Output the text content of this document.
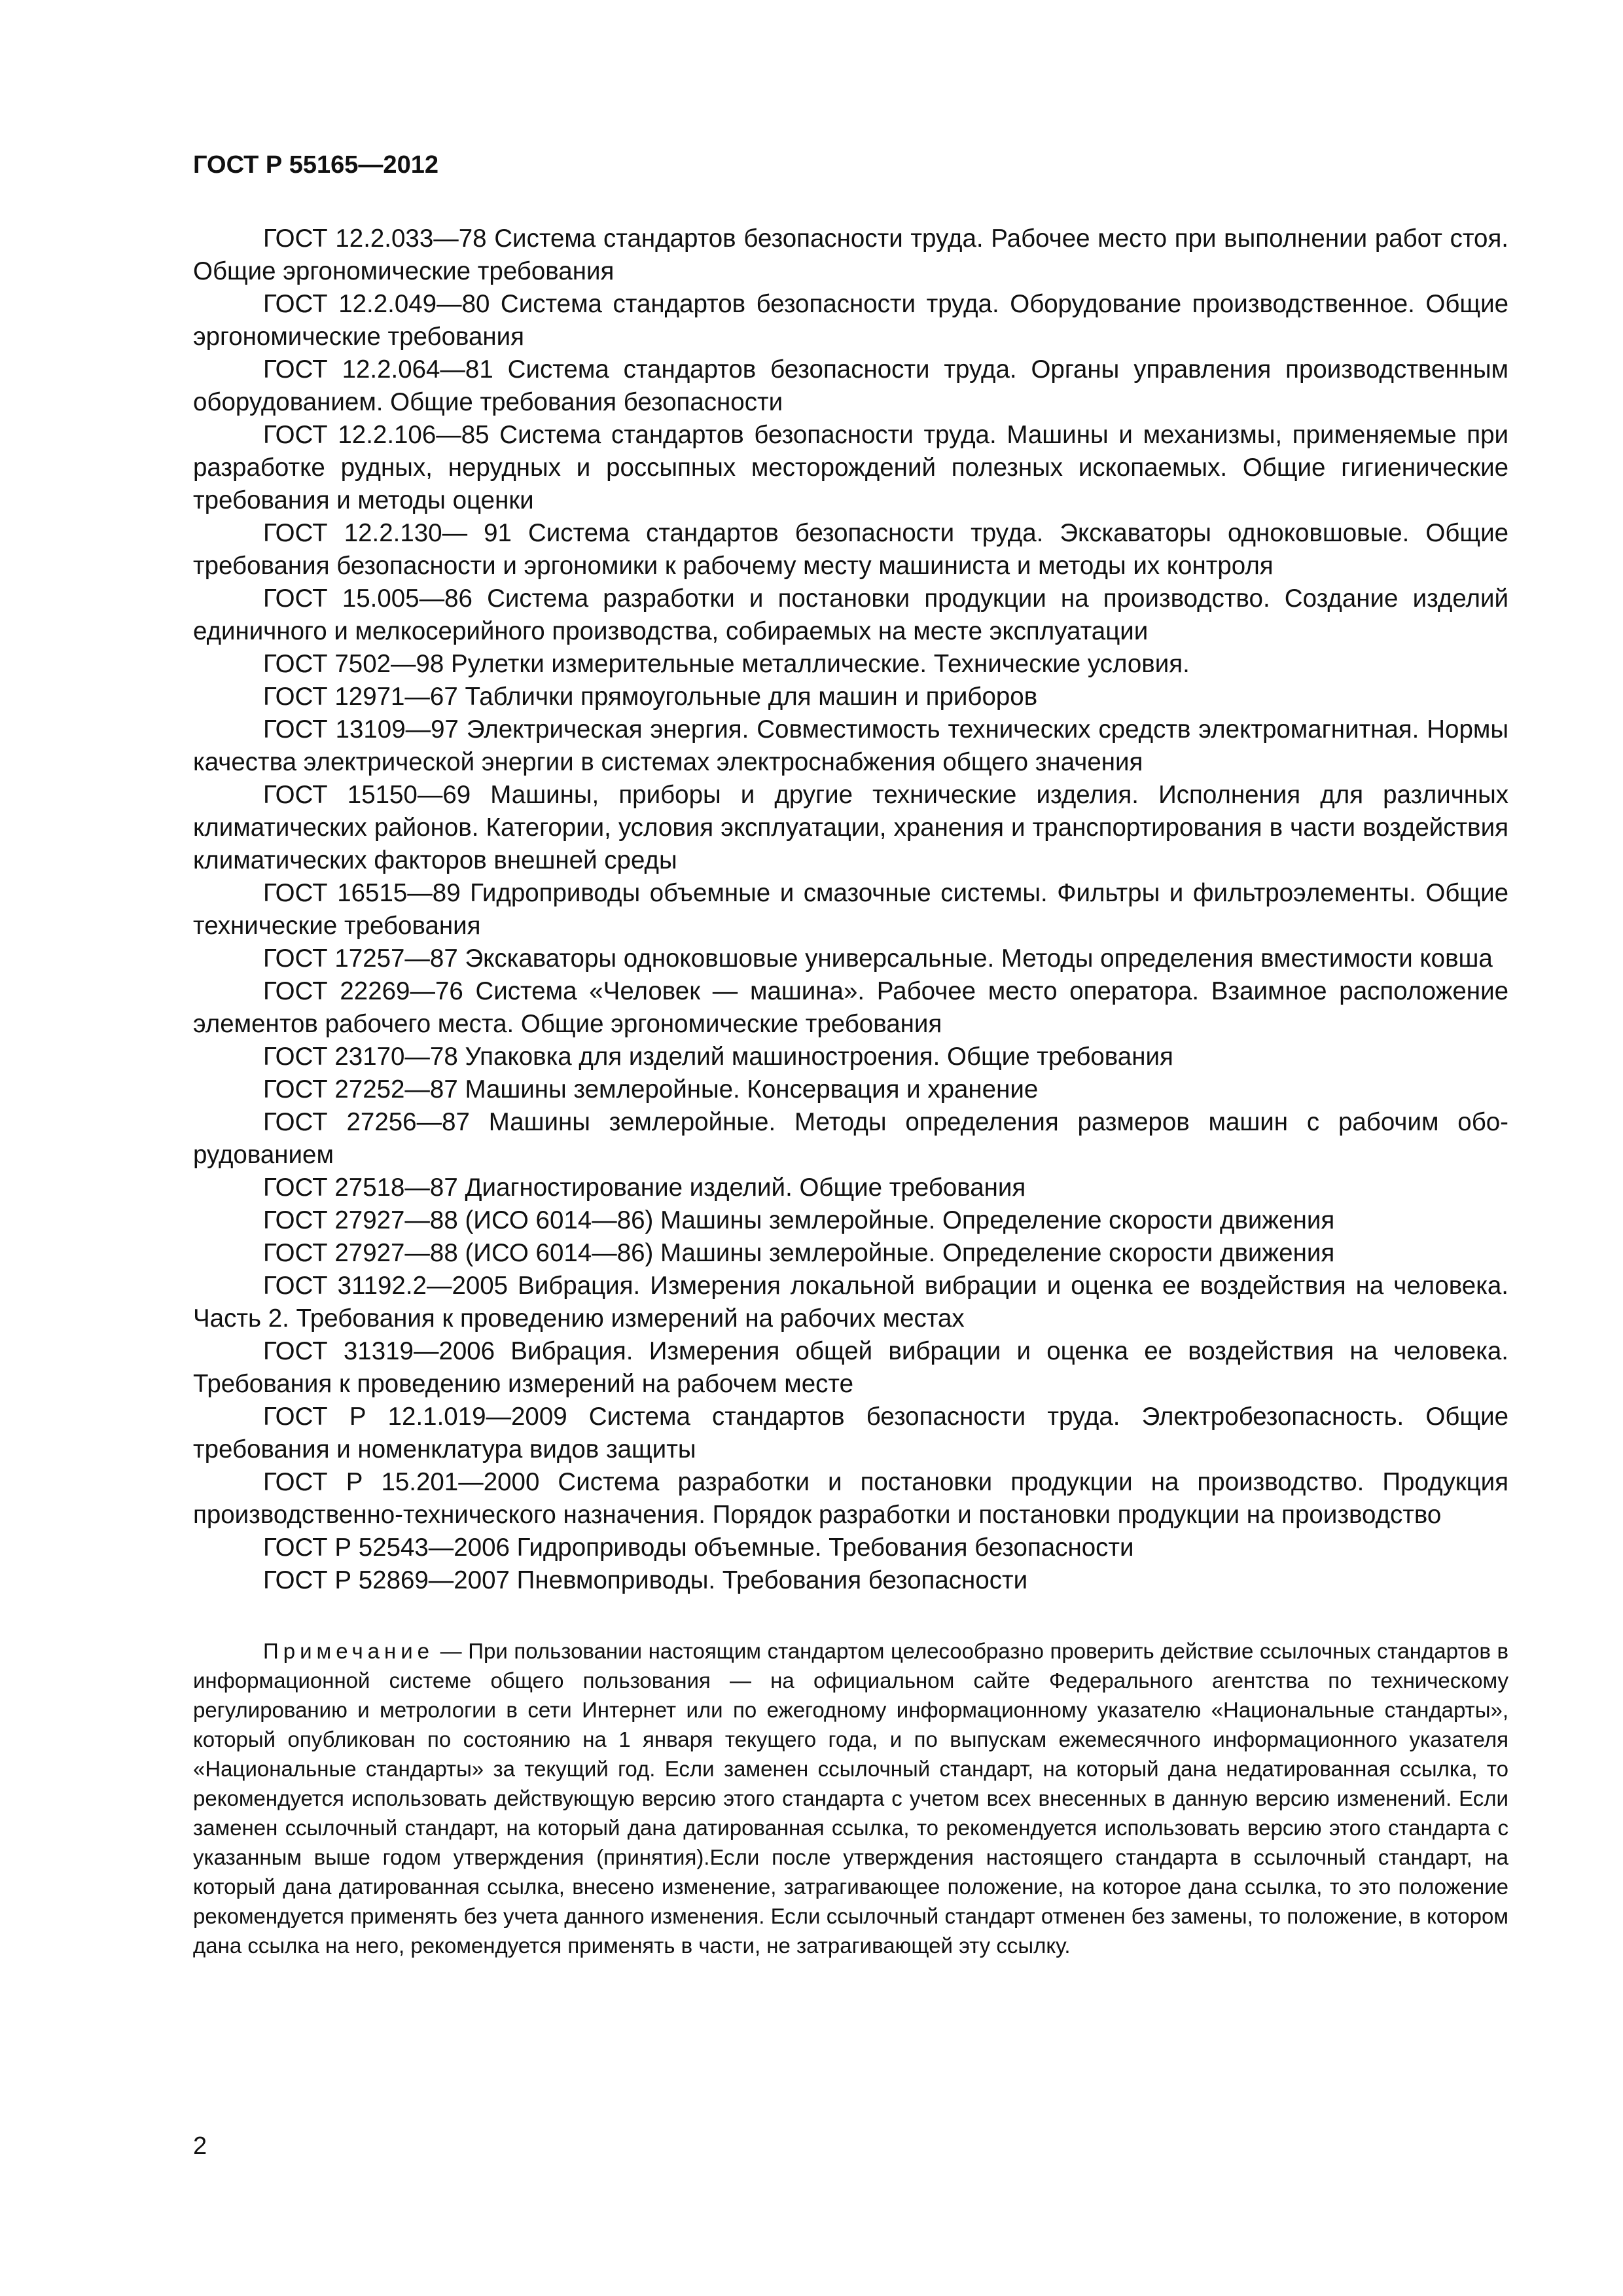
ГОСТ Р 55165—2012

ГОСТ 12.2.033—78 Система стандартов безопасности труда. Рабочее место при выполнении работ стоя. Общие эргономические требования

ГОСТ 12.2.049—80 Система стандартов безопасности труда. Оборудование производственное. Общие эргономические требования

ГОСТ 12.2.064—81 Система стандартов безопасности труда. Органы управления производственным оборудованием. Общие требования безопасности

ГОСТ 12.2.106—85 Система стандартов безопасности труда. Машины и механизмы, применяемые при разработке рудных, нерудных и россыпных месторождений полезных ископаемых. Общие гигиенические требования и методы оценки

ГОСТ 12.2.130— 91 Система стандартов безопасности труда. Экскаваторы одноковшовые. Общие требования безопасности и эргономики к рабочему месту машиниста и методы их контроля

ГОСТ 15.005—86 Система разработки и постановки продукции на производство. Создание изделий единичного и мелкосерийного производства, собираемых на месте эксплуатации

ГОСТ 7502—98 Рулетки измерительные металлические. Технические условия.

ГОСТ 12971—67 Таблички прямоугольные для машин и приборов

ГОСТ 13109—97 Электрическая энергия. Совместимость технических средств электромагнитная. Нормы качества электрической энергии в системах электроснабжения общего значения

ГОСТ 15150—69 Машины, приборы и другие технические изделия. Исполнения для различных климатических районов. Категории, условия эксплуатации, хранения и транспортирования в части воздействия климатических факторов внешней среды

ГОСТ 16515—89 Гидроприводы объемные и смазочные системы. Фильтры и фильтроэлементы. Общие технические требования

ГОСТ 17257—87 Экскаваторы одноковшовые универсальные. Методы определения вместимости ковша

ГОСТ 22269—76 Система «Человек — машина». Рабочее место оператора. Взаимное расположение элементов рабочего места. Общие эргономические требования

ГОСТ 23170—78 Упаковка для изделий машиностроения. Общие требования

ГОСТ 27252—87 Машины землеройные. Консервация и хранение

ГОСТ 27256—87 Машины землеройные. Методы определения размеров машин с рабочим оборудованием

ГОСТ 27518—87 Диагностирование изделий. Общие требования

ГОСТ 27927—88 (ИСО 6014—86) Машины землеройные. Определение скорости движения

ГОСТ 27927—88 (ИСО 6014—86) Машины землеройные. Определение скорости движения

ГОСТ 31192.2—2005 Вибрация. Измерения локальной вибрации и оценка ее воздействия на человека. Часть 2. Требования к проведению измерений на рабочих местах

ГОСТ 31319—2006 Вибрация. Измерения общей вибрации и оценка ее воздействия на человека. Требования к проведению измерений на рабочем месте

ГОСТ Р 12.1.019—2009 Система стандартов безопасности труда. Электробезопасность. Общие требования и номенклатура видов защиты

ГОСТ Р 15.201—2000 Система разработки и постановки продукции на производство. Продукция производственно-технического назначения. Порядок разработки и постановки продукции на производство

ГОСТ Р 52543—2006 Гидроприводы объемные. Требования безопасности

ГОСТ Р 52869—2007 Пневмоприводы. Требования безопасности

Примечание — При пользовании настоящим стандартом целесообразно проверить действие ссылочных стандартов в информационной системе общего пользования — на официальном сайте Федерального агентства по техническому регулированию и метрологии в сети Интернет или по ежегодному информационному указателю «Национальные стандарты», который опубликован по состоянию на 1 января текущего года, и по выпускам ежемесячного информационного указателя «Национальные стандарты» за текущий год. Если заменен ссылочный стандарт, на который дана недатированная ссылка, то рекомендуется использовать действующую версию этого стандарта с учетом всех внесенных в данную версию изменений. Если заменен ссылочный стандарт, на который дана датированная ссылка, то рекомендуется использовать версию этого стандарта с указанным выше годом утверждения (принятия).Если после утверждения настоящего стандарта в ссылочный стандарт, на который дана датированная ссылка, внесено изменение, затрагивающее положение, на которое дана ссылка, то это положение рекомендуется применять без учета данного изменения. Если ссылочный стандарт отменен без замены, то положение, в котором дана ссылка на него, рекомендуется применять в части, не затрагивающей эту ссылку.

2
